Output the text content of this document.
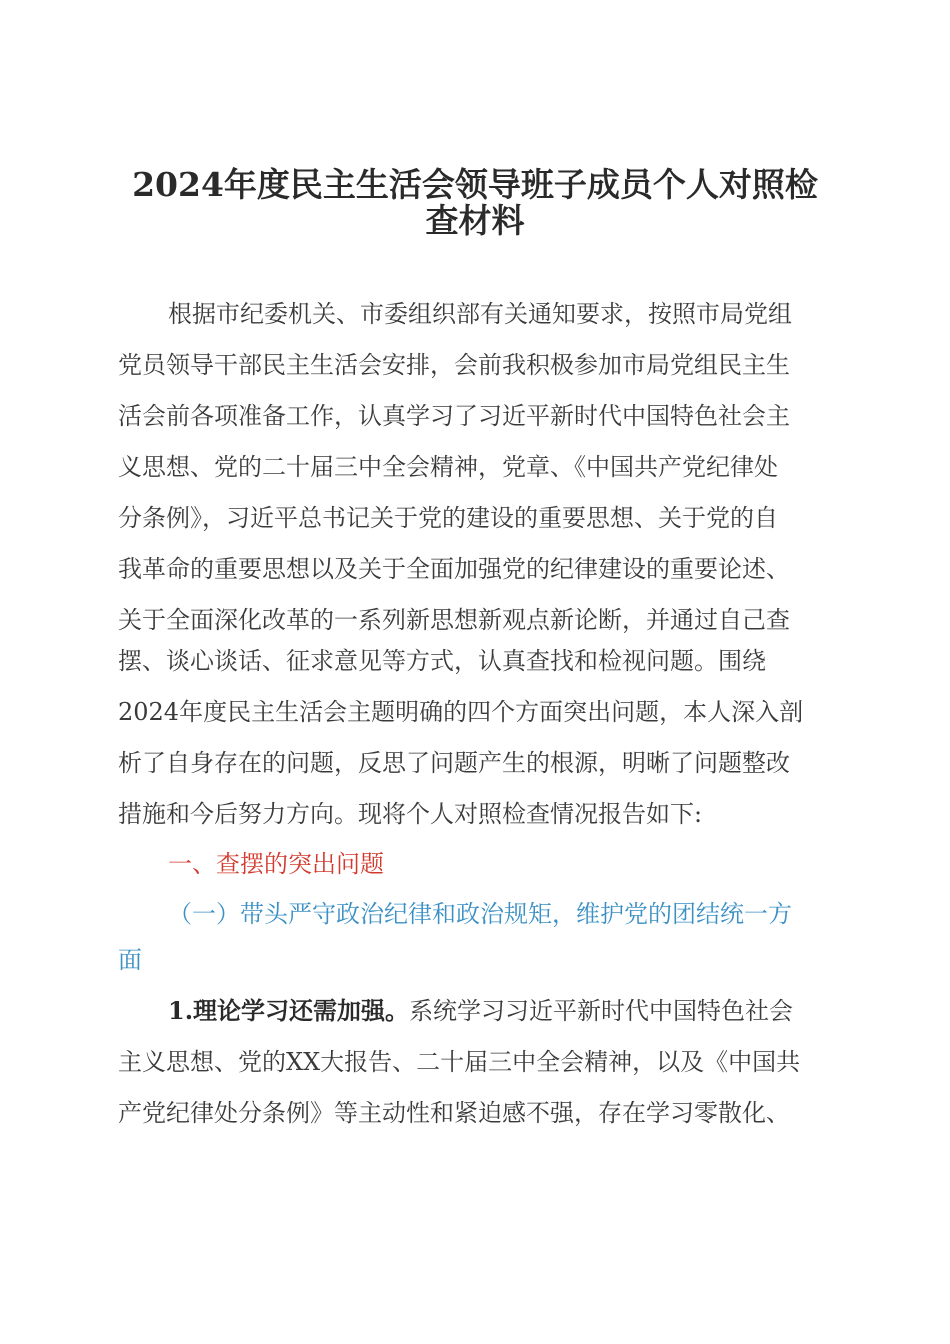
2024年度民主生活会领导班子成员个人对照检
查材料

根据市纪委机关、市委组织部有关通知要求，按照市局党组

党员领导干部民主生活会安排，会前我积极参加市局党组民主生

活会前各项准备工作，认真学习了习近平新时代中国特色社会主

义思想、党的二十届三中全会精神，党章、《中国共产党纪律处

分条例》，习近平总书记关于党的建设的重要思想、关于党的自

我革命的重要思想以及关于全面加强党的纪律建设的重要论述、

关于全面深化改革的一系列新思想新观点新论断，并通过自己查

摆、谈心谈话、征求意见等方式，认真查找和检视问题。围绕

2024年度民主生活会主题明确的四个方面突出问题，本人深入剖

析了自身存在的问题，反思了问题产生的根源，明晰了问题整改

措施和今后努力方向。现将个人对照检查情况报告如下:

一、查摆的突出问题

（一）带头严守政治纪律和政治规矩，维护党的团结统一方

面

1.理论学习还需加强。系统学习习近平新时代中国特色社会

主义思想、党的XX大报告、二十届三中全会精神，以及《中国共

产党纪律处分条例》等主动性和紧迫感不强，存在学习零散化、
